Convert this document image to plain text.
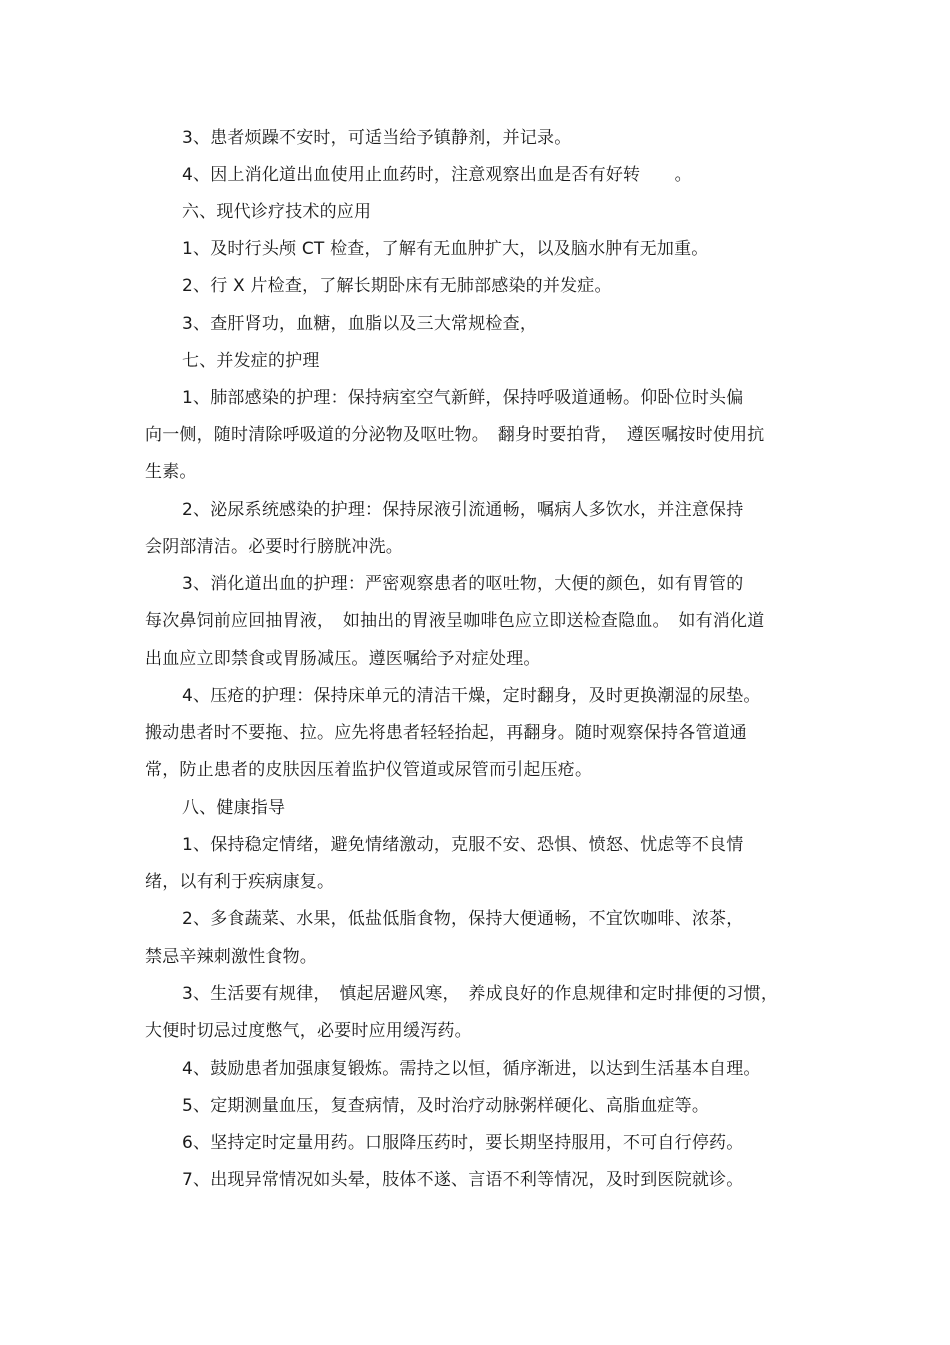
3、患者烦躁不安时，可适当给予镇静剂，并记录。
4、因上消化道出血使用止血药时，注意观察出血是否有好转　　。
六、现代诊疗技术的应用
1、及时行头颅 CT 检查，了解有无血肿扩大，以及脑水肿有无加重。
2、行 X 片检查，了解长期卧床有无肺部感染的并发症。
3、查肝肾功，血糖，血脂以及三大常规检查，
七、并发症的护理
1、肺部感染的护理：保持病室空气新鲜，保持呼吸道通畅。仰卧位时头偏
向一侧，随时清除呼吸道的分泌物及呕吐物。　翻身时要拍背，　遵医嘱按时使用抗
生素。
2、泌尿系统感染的护理：保持尿液引流通畅，嘱病人多饮水，并注意保持
会阴部清洁。必要时行膀胱冲洗。
3、消化道出血的护理：严密观察患者的呕吐物，大便的颜色，如有胃管的
每次鼻饲前应回抽胃液，　如抽出的胃液呈咖啡色应立即送检查隐血。　如有消化道
出血应立即禁食或胃肠减压。遵医嘱给予对症处理。
4、压疮的护理：保持床单元的清洁干燥，定时翻身，及时更换潮湿的尿垫。
搬动患者时不要拖、拉。应先将患者轻轻抬起，再翻身。随时观察保持各管道通
常，防止患者的皮肤因压着监护仪管道或尿管而引起压疮。
八、健康指导
1、保持稳定情绪，避免情绪激动，克服不安、恐惧、愤怒、忧虑等不良情
绪，以有利于疾病康复。
2、多食蔬菜、水果，低盐低脂食物，保持大便通畅，不宜饮咖啡、浓茶，
禁忌辛辣刺激性食物。
3、生活要有规律，　慎起居避风寒，　养成良好的作息规律和定时排便的习惯，
大便时切忌过度憋气，必要时应用缓泻药。
4、鼓励患者加强康复锻炼。需持之以恒，循序渐进，以达到生活基本自理。
5、定期测量血压，复查病情，及时治疗动脉粥样硬化、高脂血症等。
6、坚持定时定量用药。口服降压药时，要长期坚持服用，不可自行停药。
7、出现异常情况如头晕，肢体不遂、言语不利等情况，及时到医院就诊。
